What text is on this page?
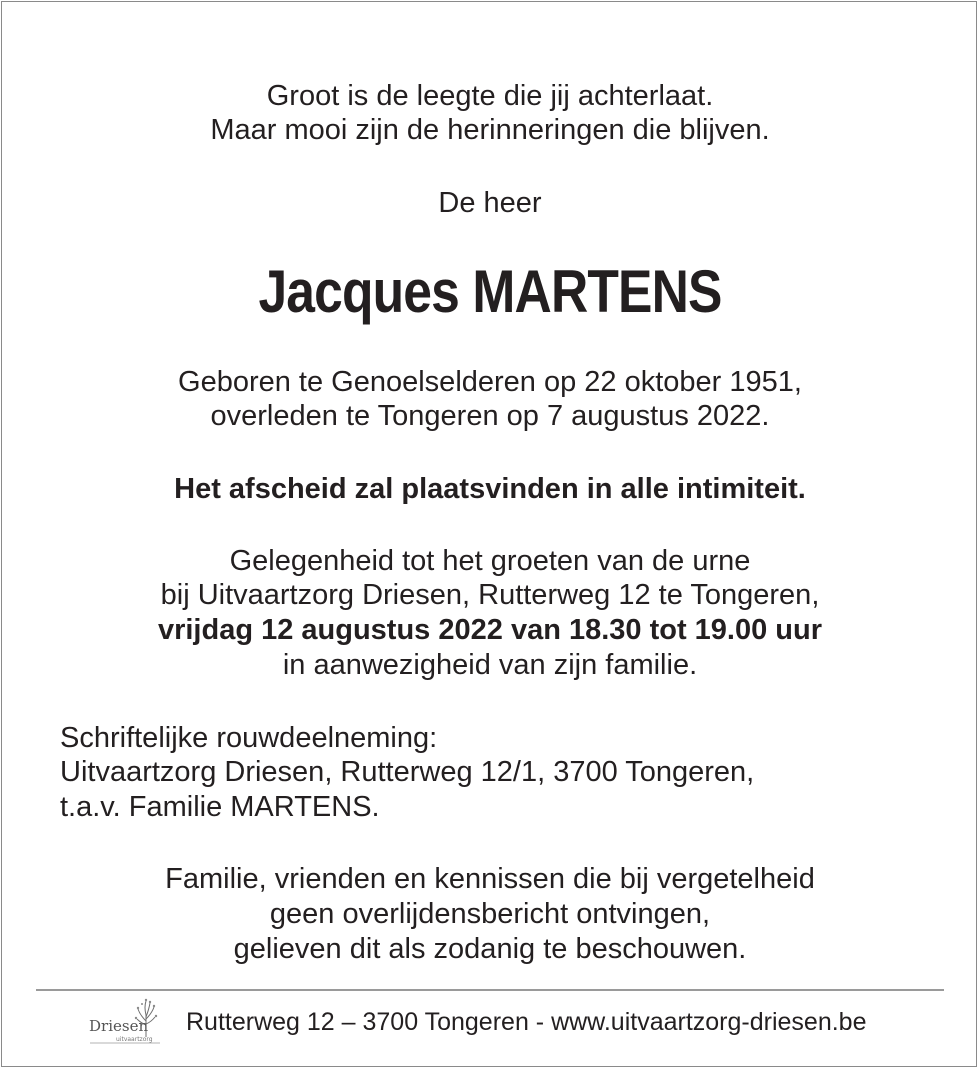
Groot is de leegte die jij achterlaat.
Maar mooi zijn de herinneringen die blijven.
De heer
Jacques MARTENS
Geboren te Genoelselderen op 22 oktober 1951,
overleden te Tongeren op 7 augustus 2022.
Het afscheid zal plaatsvinden in alle intimiteit.
Gelegenheid tot het groeten van de urne
bij Uitvaartzorg Driesen, Rutterweg 12 te Tongeren,
vrijdag 12 augustus 2022 van 18.30 tot 19.00 uur
in aanwezigheid van zijn familie.
Schriftelijke rouwdeelneming:
Uitvaartzorg Driesen, Rutterweg 12/1, 3700 Tongeren,
t.a.v. Familie MARTENS.
Familie, vrienden en kennissen die bij vergetelheid
geen overlijdensbericht ontvingen,
gelieven dit als zodanig te beschouwen.
Driesen
uitvaartzorg
Rutterweg 12 – 3700 Tongeren - www.uitvaartzorg-driesen.be
